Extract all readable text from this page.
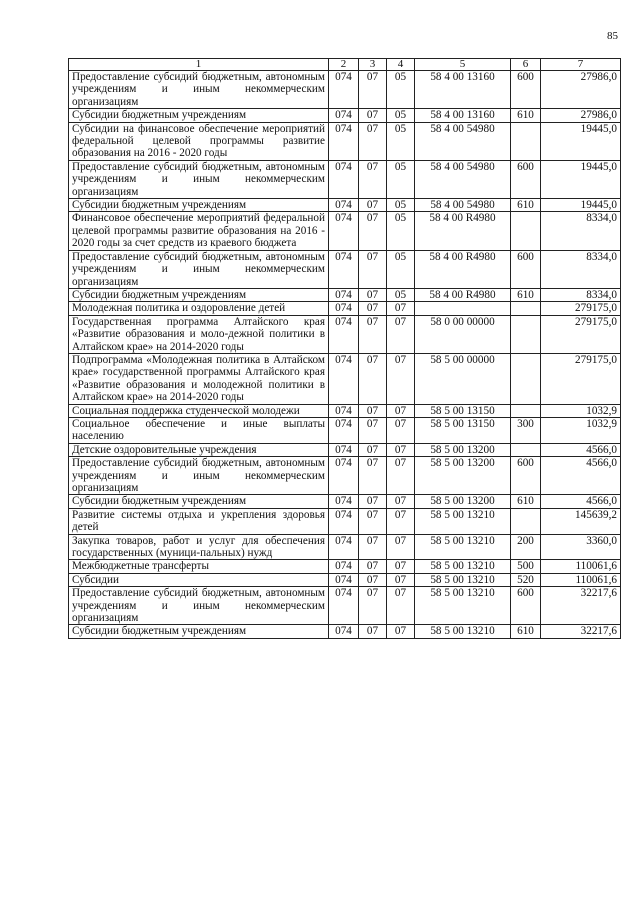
85
1	2	3	4	5	6	7
Предоставление субсидий бюджетным, автономным учреждениям и иным некоммерческим организациям	074	07	05	58 4 00 13160	600	27986,0
Субсидии бюджетным учреждениям	074	07	05	58 4 00 13160	610	27986,0
Субсидии на финансовое обеспечение мероприятий федеральной целевой программы развитие образования на 2016 - 2020 годы	074	07	05	58 4 00 54980		19445,0
Предоставление субсидий бюджетным, автономным учреждениям и иным некоммерческим организациям	074	07	05	58 4 00 54980	600	19445,0
Субсидии бюджетным учреждениям	074	07	05	58 4 00 54980	610	19445,0
Финансовое обеспечение мероприятий федеральной целевой программы развитие образования на 2016 - 2020 годы за счет средств из краевого бюджета	074	07	05	58 4 00 R4980		8334,0
Предоставление субсидий бюджетным, автономным учреждениям и иным некоммерческим организациям	074	07	05	58 4 00 R4980	600	8334,0
Субсидии бюджетным учреждениям	074	07	05	58 4 00 R4980	610	8334,0
Молодежная политика и оздоровление детей	074	07	07			279175,0
Государственная программа Алтайского края «Развитие образования и моло-дежной политики в Алтайском крае» на 2014-2020 годы	074	07	07	58 0 00 00000		279175,0
Подпрограмма «Молодежная политика в Алтайском крае» государственной программы Алтайского края «Развитие образования и молодежной политики в Алтайском крае» на 2014-2020 годы	074	07	07	58 5 00 00000		279175,0
Социальная поддержка студенческой молодежи	074	07	07	58 5 00 13150		1032,9
Социальное обеспечение и иные выплаты населению	074	07	07	58 5 00 13150	300	1032,9
Детские оздоровительные учреждения	074	07	07	58 5 00 13200		4566,0
Предоставление субсидий бюджетным, автономным учреждениям и иным некоммерческим организациям	074	07	07	58 5 00 13200	600	4566,0
Субсидии бюджетным учреждениям	074	07	07	58 5 00 13200	610	4566,0
Развитие системы отдыха и укрепления здоровья детей	074	07	07	58 5 00 13210		145639,2
Закупка товаров, работ и услуг для обеспечения государственных (муници-пальных) нужд	074	07	07	58 5 00 13210	200	3360,0
Межбюджетные трансферты	074	07	07	58 5 00 13210	500	110061,6
Субсидии	074	07	07	58 5 00 13210	520	110061,6
Предоставление субсидий бюджетным, автономным учреждениям и иным некоммерческим организациям	074	07	07	58 5 00 13210	600	32217,6
Субсидии бюджетным учреждениям	074	07	07	58 5 00 13210	610	32217,6
